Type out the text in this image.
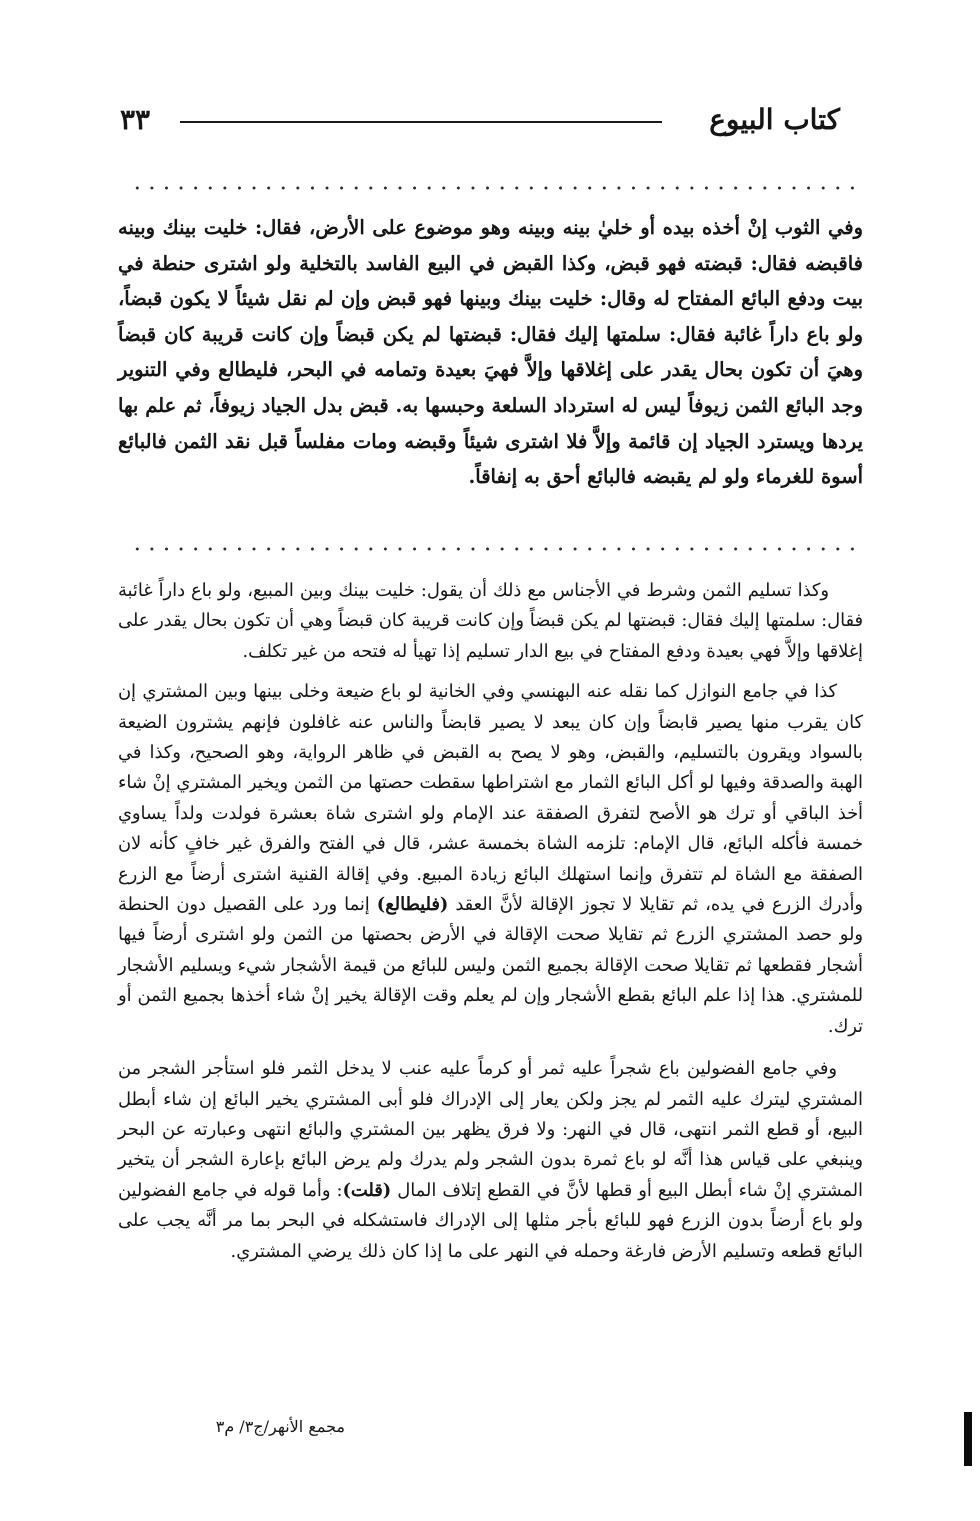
كتاب البيوع
٣٣

وفي الثوب إنْ أخذه بيده أو خليٰ بينه وبينه وهو موضوع على الأرض، فقال: خليت بينك وبينه فاقبضه فقال: قبضته فهو قبض، وكذا القبض في البيع الفاسد بالتخلية ولو اشترى حنطة في بيت ودفع البائع المفتاح له وقال: خليت بينك وبينها فهو قبض وإن لم نقل شيئاً لا يكون قبضاً، ولو باع داراً غائبة فقال: سلمتها إليك فقال: قبضتها لم يكن قبضاً وإن كانت قريبة كان قبضاً وهيَ أن تكون بحال يقدر على إغلاقها وإلاَّ فهيَ بعيدة وتمامه في البحر، فليطالع وفي التنوير وجد البائع الثمن زيوفاً ليس له استرداد السلعة وحبسها به. قبض بدل الجياد زيوفاً، ثم علم بها يردها ويسترد الجياد إن قائمة وإلاَّ فلا اشترى شيئاً وقبضه ومات مفلساً قبل نقد الثمن فالبائع أسوة للغرماء ولو لم يقبضه فالبائع أحق به إنفاقاً.

وكذا تسليم الثمن وشرط في الأجناس مع ذلك أن يقول: خليت بينك وبين المبيع، ولو باع داراً غائبة فقال: سلمتها إليك فقال: قبضتها لم يكن قبضاً وإن كانت قريبة كان قبضاً وهي أن تكون بحال يقدر على إغلاقها وإلاَّ فهي بعيدة ودفع المفتاح في بيع الدار تسليم إذا تهيأ له فتحه من غير تكلف.

كذا في جامع النوازل كما نقله عنه البهنسي وفي الخانية لو باع ضيعة وخلى بينها وبين المشتري إن كان يقرب منها يصير قابضاً وإن كان يبعد لا يصير قابضاً والناس عنه غافلون فإنهم يشترون الضيعة بالسواد ويقرون بالتسليم، والقبض، وهو لا يصح به القبض في ظاهر الرواية، وهو الصحيح، وكذا في الهبة والصدقة وفيها لو أكل البائع الثمار مع اشتراطها سقطت حصتها من الثمن ويخير المشتري إنْ شاء أخذ الباقي أو ترك هو الأصح لتفرق الصفقة عند الإمام ولو اشترى شاة بعشرة فولدت ولداً يساوي خمسة فأكله البائع، قال الإمام: تلزمه الشاة بخمسة عشر، قال في الفتح والفرق غير خافٍ كأنه لان الصفقة مع الشاة لم تتفرق وإنما استهلك البائع زيادة المبيع. وفي إقالة القنية اشترى أرضاً مع الزرع وأدرك الزرع في يده، ثم تقايلا لا تجوز الإقالة لأنَّ العقد (فليطالع) إنما ورد على القصيل دون الحنطة ولو حصد المشتري الزرع ثم تقايلا صحت الإقالة في الأرض بحصتها من الثمن ولو اشترى أرضاً فيها أشجار فقطعها ثم تقايلا صحت الإقالة بجميع الثمن وليس للبائع من قيمة الأشجار شيء ويسليم الأشجار للمشتري. هذا إذا علم البائع بقطع الأشجار وإن لم يعلم وقت الإقالة يخير إنْ شاء أخذها بجميع الثمن أو ترك.

وفي جامع الفضولين باع شجراً عليه ثمر أو كرماً عليه عنب لا يدخل الثمر فلو استأجر الشجر من المشتري ليترك عليه الثمر لم يجز ولكن يعار إلى الإدراك فلو أبى المشتري يخير البائع إن شاء أبطل البيع، أو قطع الثمر انتهى، قال في النهر: ولا فرق يظهر بين المشتري والبائع انتهى وعبارته عن البحر وينبغي على قياس هذا أنَّه لو باع ثمرة بدون الشجر ولم يدرك ولم يرض البائع بإعارة الشجر أن يتخير المشتري إنْ شاء أبطل البيع أو قطها لأنَّ في القطع إتلاف المال (قلت): وأما قوله في جامع الفضولين ولو باع أرضاً بدون الزرع فهو للبائع بأجر مثلها إلى الإدراك فاستشكله في البحر بما مر أنَّه يجب على البائع قطعه وتسليم الأرض فارغة وحمله في النهر على ما إذا كان ذلك يرضي المشتري.

مجمع الأنهر/ج٣/ م٣
